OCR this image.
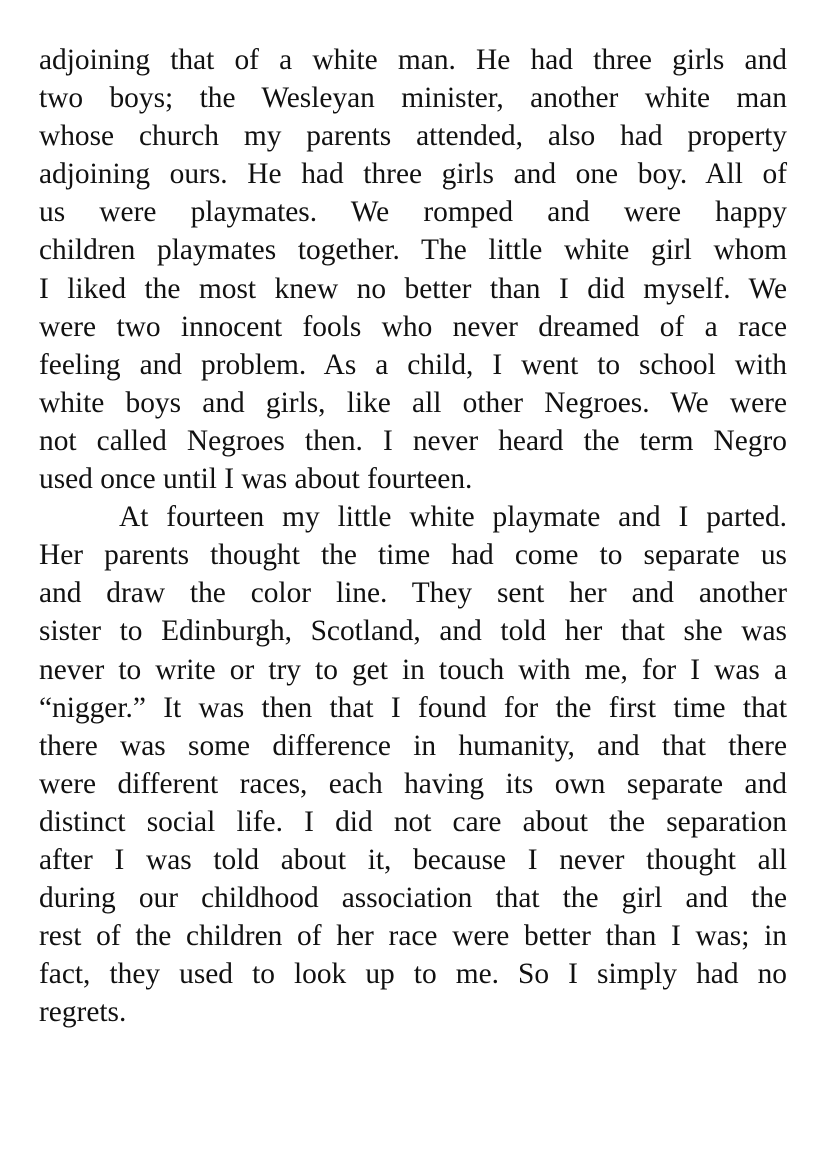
adjoining that of a white man. He had three girls and
two boys; the Wesleyan minister, another white man
whose church my parents attended, also had property
adjoining ours. He had three girls and one boy. All of
us were playmates. We romped and were happy
children playmates together. The little white girl whom
I liked the most knew no better than I did myself. We
were two innocent fools who never dreamed of a race
feeling and problem. As a child, I went to school with
white boys and girls, like all other Negroes. We were
not called Negroes then. I never heard the term Negro
used once until I was about fourteen.
At fourteen my little white playmate and I parted.
Her parents thought the time had come to separate us
and draw the color line. They sent her and another
sister to Edinburgh, Scotland, and told her that she was
never to write or try to get in touch with me, for I was a
“nigger.” It was then that I found for the first time that
there was some difference in humanity, and that there
were different races, each having its own separate and
distinct social life. I did not care about the separation
after I was told about it, because I never thought all
during our childhood association that the girl and the
rest of the children of her race were better than I was; in
fact, they used to look up to me. So I simply had no
regrets.
